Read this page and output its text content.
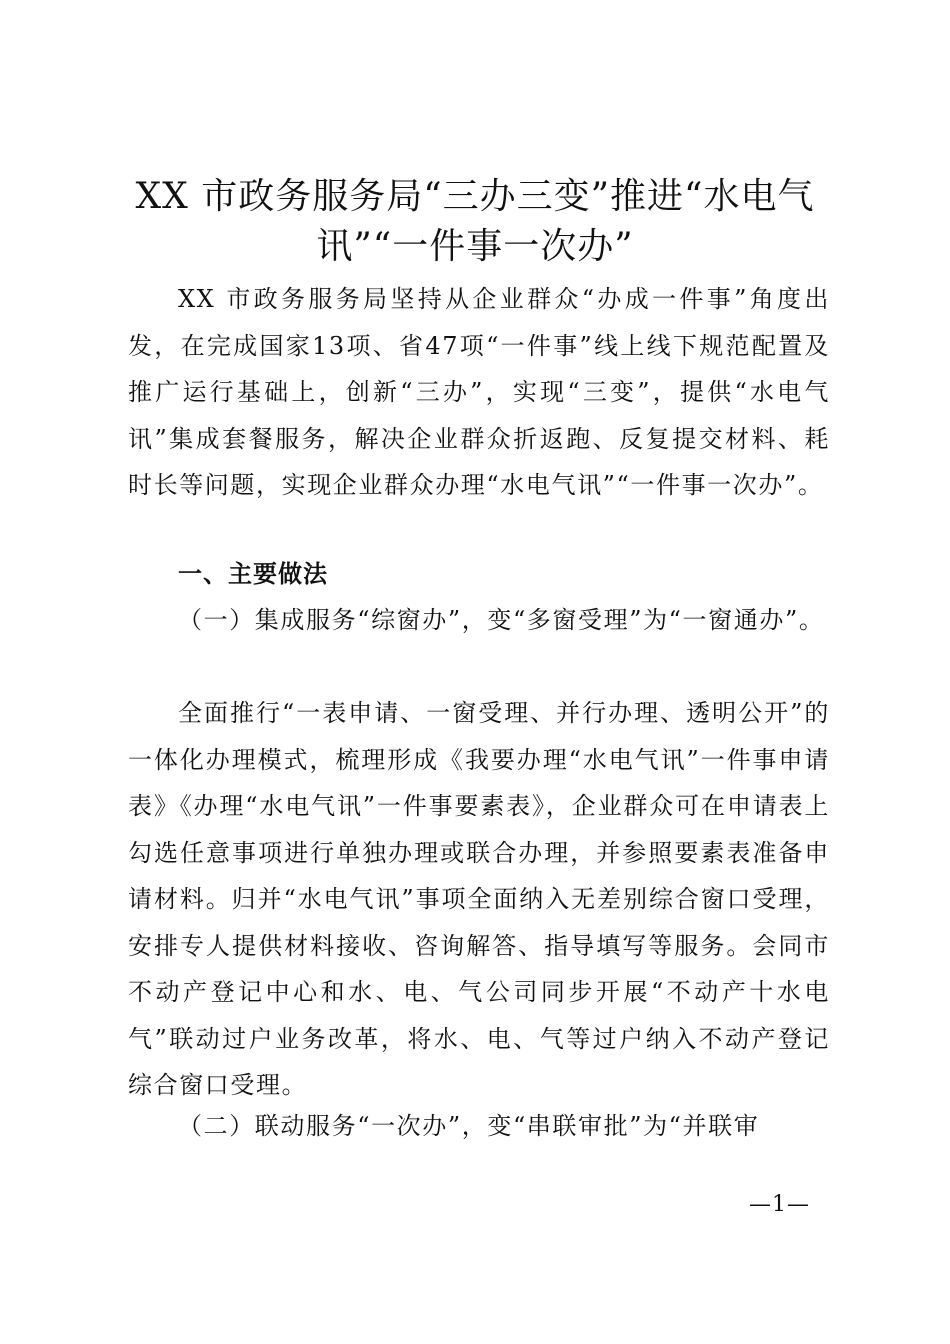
XX 市政务服务局“三办三变”推进“水电气讯”“一件事一次办”

XX 市政务服务局坚持从企业群众“办成一件事”角度出发，在完成国家13项、省47项“一件事”线上线下规范配置及推广运行基础上，创新“三办”，实现“三变”，提供“水电气讯”集成套餐服务，解决企业群众折返跑、反复提交材料、耗时长等问题，实现企业群众办理“水电气讯”“一件事一次办”。

一、主要做法

（一）集成服务“综窗办”，变“多窗受理”为“一窗通办”。

全面推行“一表申请、一窗受理、并行办理、透明公开”的一体化办理模式，梳理形成《我要办理“水电气讯”一件事申请表》《办理“水电气讯”一件事要素表》，企业群众可在申请表上勾选任意事项进行单独办理或联合办理，并参照要素表准备申请材料。归并“水电气讯”事项全面纳入无差别综合窗口受理，安排专人提供材料接收、咨询解答、指导填写等服务。会同市不动产登记中心和水、电、气公司同步开展“不动产十水电气”联动过户业务改革，将水、电、气等过户纳入不动产登记综合窗口受理。

（二）联动服务“一次办”，变“串联审批”为“并联审

—1—
